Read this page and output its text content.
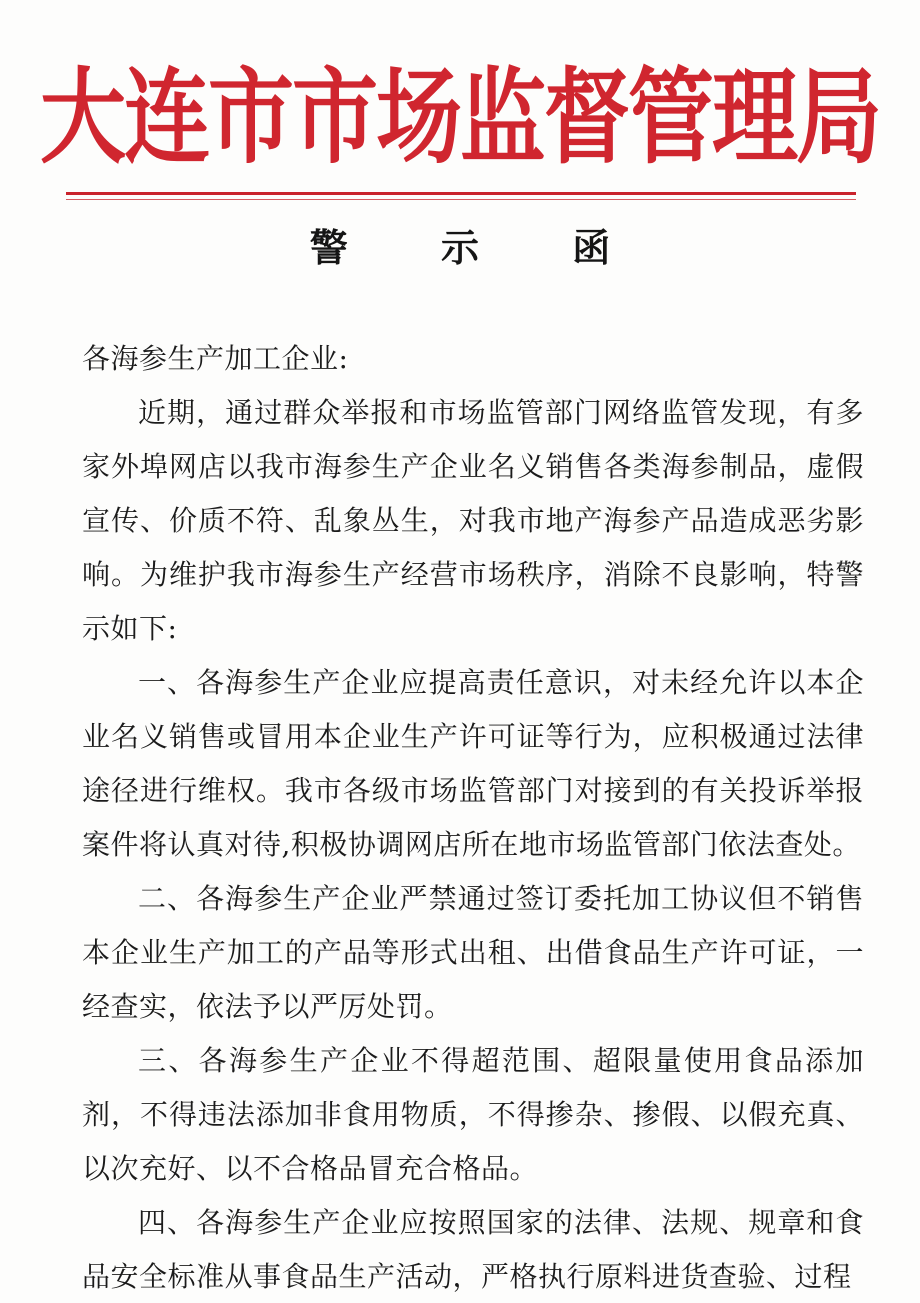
大连市市场监督管理局
警 示 函

各海参生产加工企业:

近期，通过群众举报和市场监管部门网络监管发现，有多家外埠网店以我市海参生产企业名义销售各类海参制品，虚假宣传、价质不符、乱象丛生，对我市地产海参产品造成恶劣影响。为维护我市海参生产经营市场秩序，消除不良影响，特警示如下:

一、各海参生产企业应提高责任意识，对未经允许以本企业名义销售或冒用本企业生产许可证等行为，应积极通过法律途径进行维权。我市各级市场监管部门对接到的有关投诉举报案件将认真对待,积极协调网店所在地市场监管部门依法查处。

二、各海参生产企业严禁通过签订委托加工协议但不销售本企业生产加工的产品等形式出租、出借食品生产许可证，一经查实，依法予以严厉处罚。

三、各海参生产企业不得超范围、超限量使用食品添加剂，不得违法添加非食用物质，不得掺杂、掺假、以假充真、以次充好、以不合格品冒充合格品。

四、各海参生产企业应按照国家的法律、法规、规章和食品安全标准从事食品生产活动，严格执行原料进货查验、过程
